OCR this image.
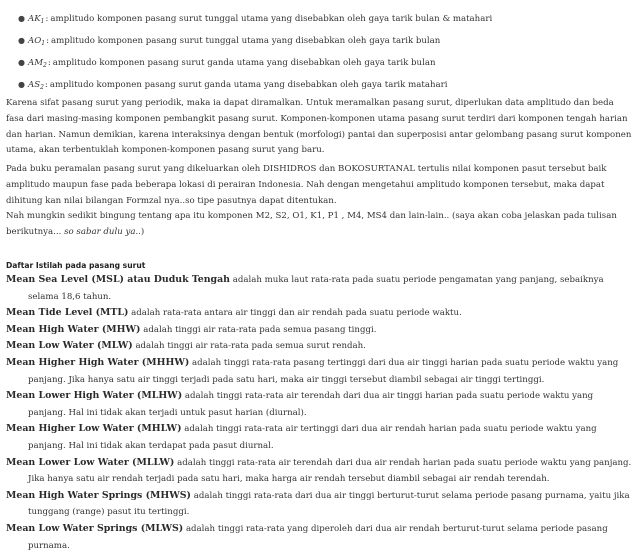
● $AK_1$ : amplitudo komponen pasang surut tunggal utama yang disebabkan oleh gaya tarik bulan & matahari
● $AO_1$ : amplitudo komponen pasang surut tunggal utama yang disebabkan oleh gaya tarik bulan
● $AM_2$ : amplitudo komponen pasang surut ganda utama yang disebabkan oleh gaya tarik bulan
● $AS_2$ : amplitudo komponen pasang surut ganda utama yang disebabkan oleh gaya tarik matahari

Karena sifat pasang surut yang periodik, maka ia dapat diramalkan. Untuk meramalkan pasang surut, diperlukan data amplitudo dan beda fasa dari masing-masing komponen pembangkit pasang surut. Komponen-komponen utama pasang surut terdiri dari komponen tengah harian dan harian. Namun demikian, karena interaksinya dengan bentuk (morfologi) pantai dan superposisi antar gelombang pasang surut komponen utama, akan terbentuklah komponen-komponen pasang surut yang baru.

Pada buku peramalan pasang surut yang dikeluarkan oleh DISHIDROS dan BOKOSURTANAL tertulis nilai komponen pasut tersebut baik amplitudo maupun fase pada beberapa lokasi di perairan Indonesia. Nah dengan mengetahui amplitudo komponen tersebut, maka dapat dihitung kan nilai bilangan Formzal nya..so tipe pasutnya dapat ditentukan.
Nah mungkin sedikit bingung tentang apa itu komponen M2, S2, O1, K1, P1 , M4, MS4 dan lain-lain.. (saya akan coba jelaskan pada tulisan berikutnya... so sabar dulu ya..)
Daftar Istilah pada pasang surut

Mean Sea Level (MSL) atau Duduk Tengah adalah muka laut rata-rata pada suatu periode pengamatan yang panjang, sebaiknya selama 18,6 tahun.

Mean Tide Level (MTL) adalah rata-rata antara air tinggi dan air rendah pada suatu periode waktu.

Mean High Water (MHW) adalah tinggi air rata-rata pada semua pasang tinggi.

Mean Low Water (MLW) adalah tinggi air rata-rata pada semua surut rendah.

Mean Higher High Water (MHHW) adalah tinggi rata-rata pasang tertinggi dari dua air tinggi harian pada suatu periode waktu yang panjang. Jika hanya satu air tinggi terjadi pada satu hari, maka air tinggi tersebut diambil sebagai air tinggi tertinggi.

Mean Lower High Water (MLHW) adalah tinggi rata-rata air terendah dari dua air tinggi harian pada suatu periode waktu yang panjang. Hal ini tidak akan terjadi untuk pasut harian (diurnal).

Mean Higher Low Water (MHLW) adalah tinggi rata-rata air tertinggi dari dua air rendah harian pada suatu periode waktu yang panjang. Hal ini tidak akan terdapat pada pasut diurnal.

Mean Lower Low Water (MLLW) adalah tinggi rata-rata air terendah dari dua air rendah harian pada suatu periode waktu yang panjang. Jika hanya satu air rendah terjadi pada satu hari, maka harga air rendah tersebut diambil sebagai air rendah terendah.

Mean High Water Springs (MHWS) adalah tinggi rata-rata dari dua air tinggi berturut-turut selama periode pasang purnama, yaitu jika tunggang (range) pasut itu tertinggi.

Mean Low Water Springs (MLWS) adalah tinggi rata-rata yang diperoleh dari dua air rendah berturut-turut selama periode pasang purnama.
